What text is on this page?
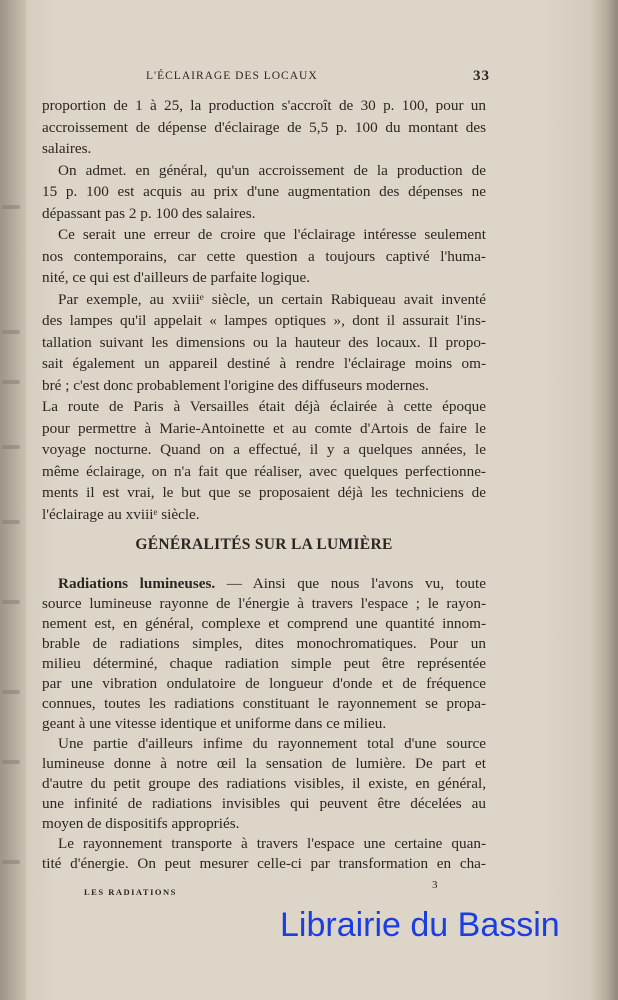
L'ÉCLAIRAGE DES LOCAUX	33
proportion de 1 à 25, la production s'accroît de 30 p. 100, pour un
accroissement de dépense d'éclairage de 5,5 p. 100 du montant des
salaires.
On admet. en général, qu'un accroissement de la production de
15 p. 100 est acquis au prix d'une augmentation des dépenses ne
dépassant pas 2 p. 100 des salaires.
Ce serait une erreur de croire que l'éclairage intéresse seulement
nos contemporains, car cette question a toujours captivé l'huma-
nité, ce qui est d'ailleurs de parfaite logique.
Par exemple, au xviiiᵉ siècle, un certain Rabiqueau avait inventé
des lampes qu'il appelait « lampes optiques », dont il assurait l'ins-
tallation suivant les dimensions ou la hauteur des locaux. Il propo-
sait également un appareil destiné à rendre l'éclairage moins om-
bré ; c'est donc probablement l'origine des diffuseurs modernes.
La route de Paris à Versailles était déjà éclairée à cette époque
pour permettre à Marie-Antoinette et au comte d'Artois de faire le
voyage nocturne. Quand on a effectué, il y a quelques années, le
même éclairage, on n'a fait que réaliser, avec quelques perfectionne-
ments il est vrai, le but que se proposaient déjà les techniciens de
l'éclairage au xviiiᵉ siècle.
GÉNÉRALITÉS SUR LA LUMIÈRE
Radiations lumineuses. — Ainsi que nous l'avons vu, toute
source lumineuse rayonne de l'énergie à travers l'espace ; le rayon-
nement est, en général, complexe et comprend une quantité innom-
brable de radiations simples, dites monochromatiques. Pour un
milieu déterminé, chaque radiation simple peut être représentée
par une vibration ondulatoire de longueur d'onde et de fréquence
connues, toutes les radiations constituant le rayonnement se propa-
geant à une vitesse identique et uniforme dans ce milieu.
Une partie d'ailleurs infime du rayonnement total d'une source
lumineuse donne à notre œil la sensation de lumière. De part et
d'autre du petit groupe des radiations visibles, il existe, en général,
une infinité de radiations invisibles qui peuvent être décelées au
moyen de dispositifs appropriés.
Le rayonnement transporte à travers l'espace une certaine quan-
tité d'énergie. On peut mesurer celle-ci par transformation en cha-
LES RADIATIONS
3
Librairie du Bassin
